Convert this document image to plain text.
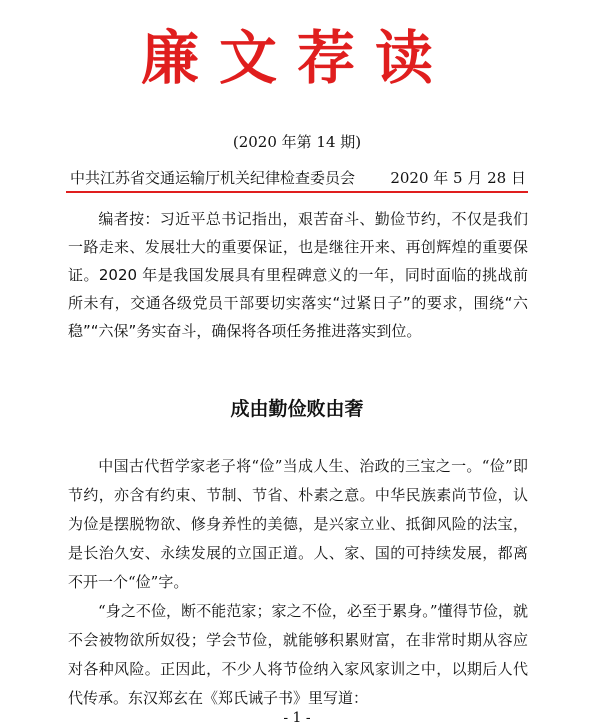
廉文荐读
(2020 年第 14 期)
中共江苏省交通运输厅机关纪律检查委员会 2020 年 5 月 28 日

编者按：习近平总书记指出，艰苦奋斗、勤俭节约，不仅是我们一路走来、发展壮大的重要保证，也是继往开来、再创辉煌的重要保证。2020 年是我国发展具有里程碑意义的一年，同时面临的挑战前所未有，交通各级党员干部要切实落实“过紧日子”的要求，围绕“六稳”“六保”务实奋斗，确保将各项任务推进落实到位。

成由勤俭败由奢

中国古代哲学家老子将“俭”当成人生、治政的三宝之一。“俭”即节约，亦含有约束、节制、节省、朴素之意。中华民族素尚节俭，认为俭是摆脱物欲、修身养性的美德，是兴家立业、抵御风险的法宝，是长治久安、永续发展的立国正道。人、家、国的可持续发展，都离不开一个“俭”字。

“身之不俭，断不能范家；家之不俭，必至于累身。”懂得节俭，就不会被物欲所奴役；学会节俭，就能够积累财富，在非常时期从容应对各种风险。正因此，不少人将节俭纳入家风家训之中，以期后人代代传承。东汉郑玄在《郑氏诫子书》里写道：

- 1 -
